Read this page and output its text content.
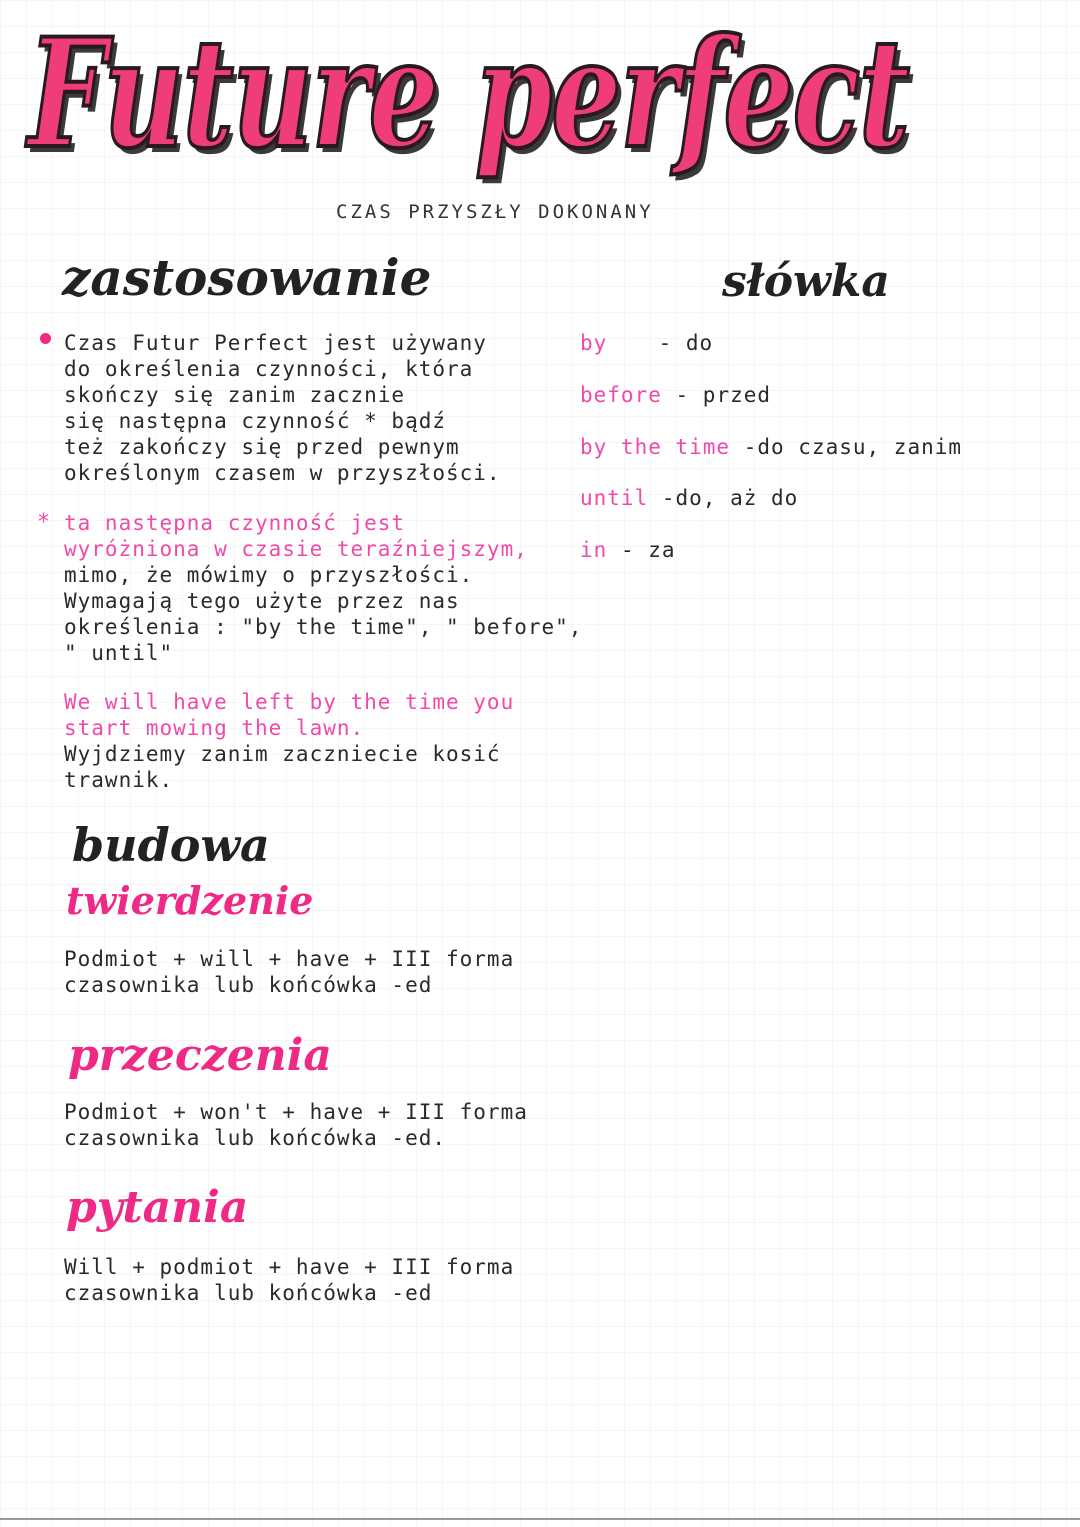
Future perfect
CZAS PRZYSZŁY DOKONANY
zastosowanie
Czas Futur Perfect jest używany
do określenia czynności, która
skończy się zanim zacznie
się następna czynność * bądź
też zakończy się przed pewnym
określonym czasem w przyszłości.
* ta następna czynność jest
wyróżniona w czasie teraźniejszym,
mimo, że mówimy o przyszłości.
Wymagają tego użyte przez nas
określenia : "by the time", " before",
" until"
We will have left by the time you
start mowing the lawn.
Wyjdziemy zanim zaczniecie kosić
trawnik.
słówka
by - do
before - przed
by the time -do czasu, zanim
until -do, aż do
in - za
budowa
twierdzenie
Podmiot + will + have + III forma
czasownika lub końcówka -ed
przeczenia
Podmiot + won't + have + III forma
czasownika lub końcówka -ed.
pytania
Will + podmiot + have + III forma
czasownika lub końcówka -ed
